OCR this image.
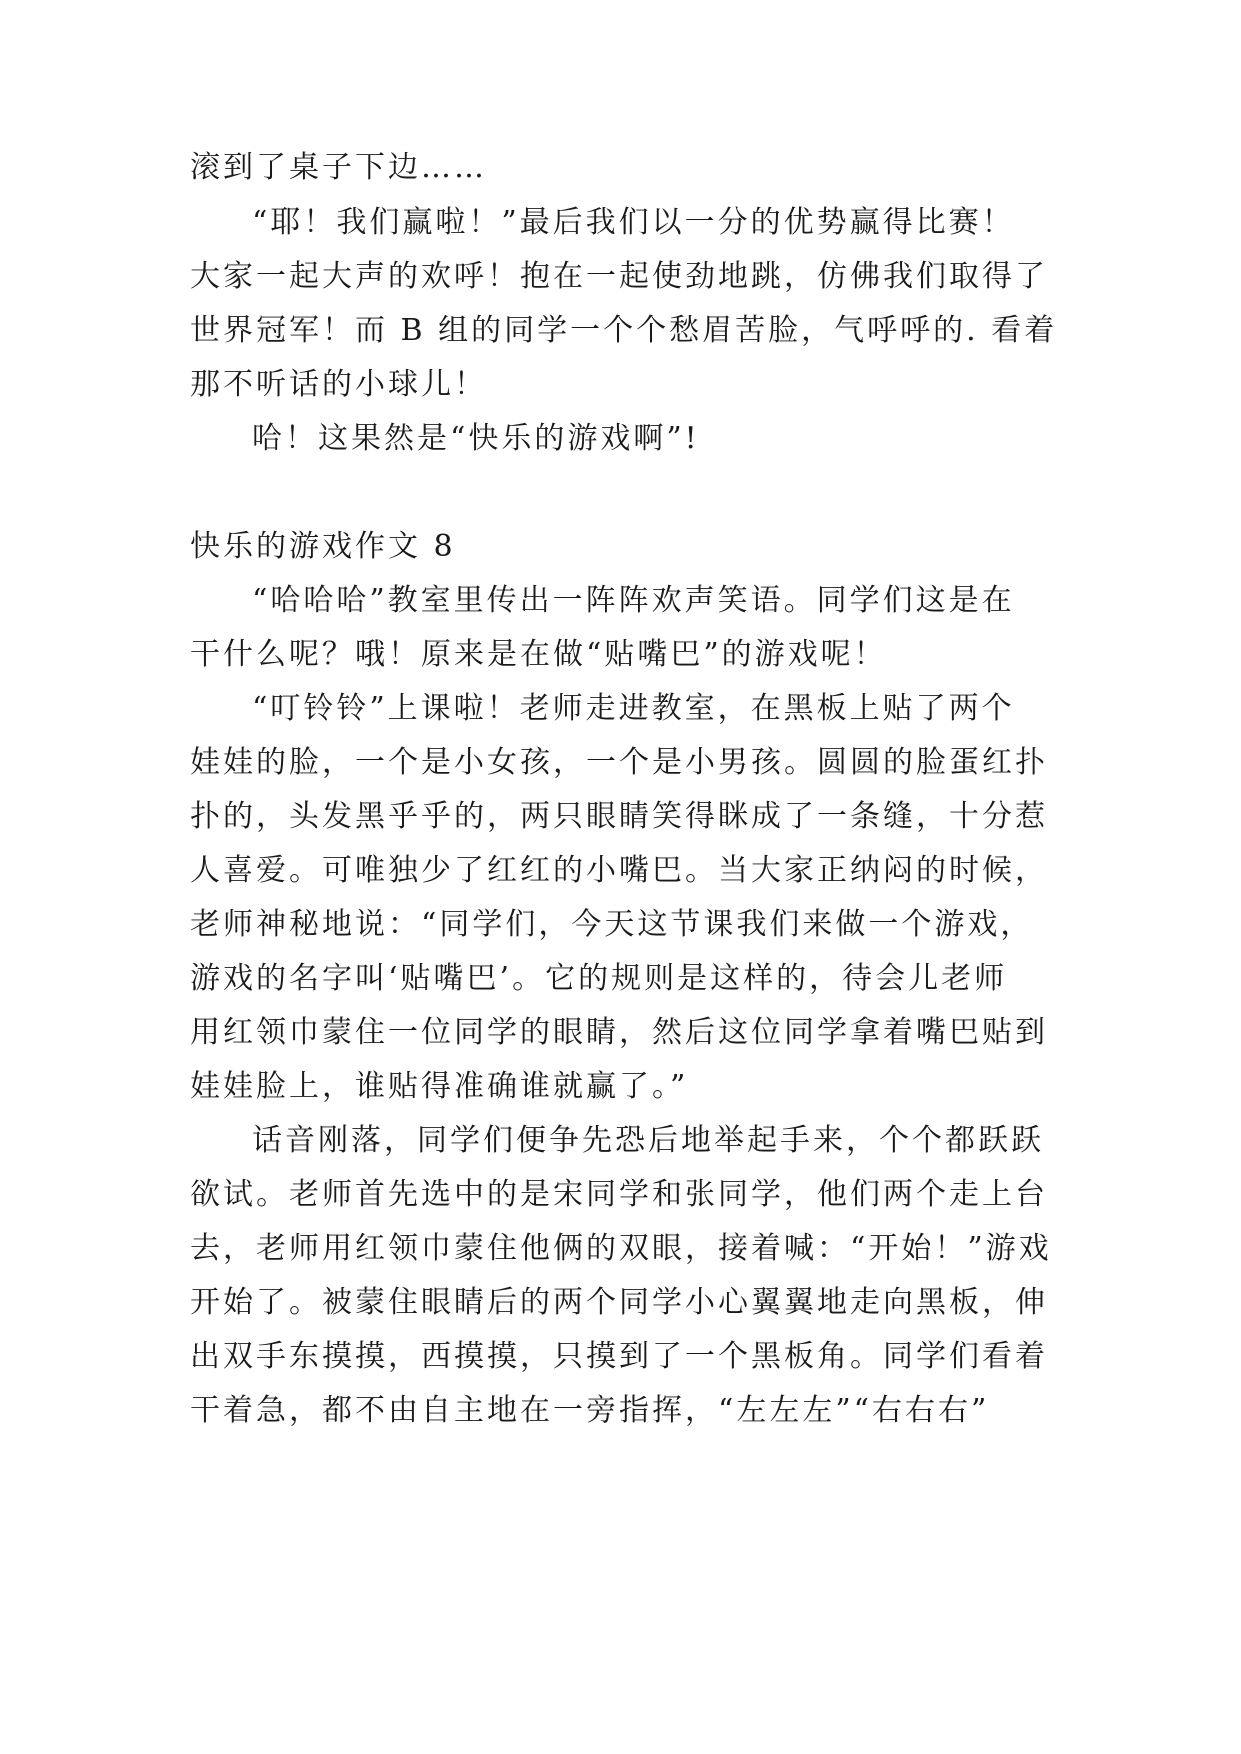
滚到了桌子下边……
“耶！我们赢啦！”最后我们以一分的优势赢得比赛！
大家一起大声的欢呼！抱在一起使劲地跳，仿佛我们取得了
世界冠军！而 B 组的同学一个个愁眉苦脸，气呼呼的. 看着
那不听话的小球儿！
哈！这果然是“快乐的游戏啊”!
快乐的游戏作文 8
“哈哈哈”教室里传出一阵阵欢声笑语。同学们这是在
干什么呢？哦！原来是在做“贴嘴巴”的游戏呢！
“叮铃铃”上课啦！老师走进教室，在黑板上贴了两个
娃娃的脸，一个是小女孩，一个是小男孩。圆圆的脸蛋红扑
扑的，头发黑乎乎的，两只眼睛笑得眯成了一条缝，十分惹
人喜爱。可唯独少了红红的小嘴巴。当大家正纳闷的时候，
老师神秘地说：“同学们，今天这节课我们来做一个游戏，
游戏的名字叫‘贴嘴巴’。它的规则是这样的，待会儿老师
用红领巾蒙住一位同学的眼睛，然后这位同学拿着嘴巴贴到
娃娃脸上，谁贴得准确谁就赢了。”
话音刚落，同学们便争先恐后地举起手来，个个都跃跃
欲试。老师首先选中的是宋同学和张同学，他们两个走上台
去，老师用红领巾蒙住他俩的双眼，接着喊：“开始！”游戏
开始了。被蒙住眼睛后的两个同学小心翼翼地走向黑板，伸
出双手东摸摸，西摸摸，只摸到了一个黑板角。同学们看着
干着急，都不由自主地在一旁指挥，“左左左”“右右右”
